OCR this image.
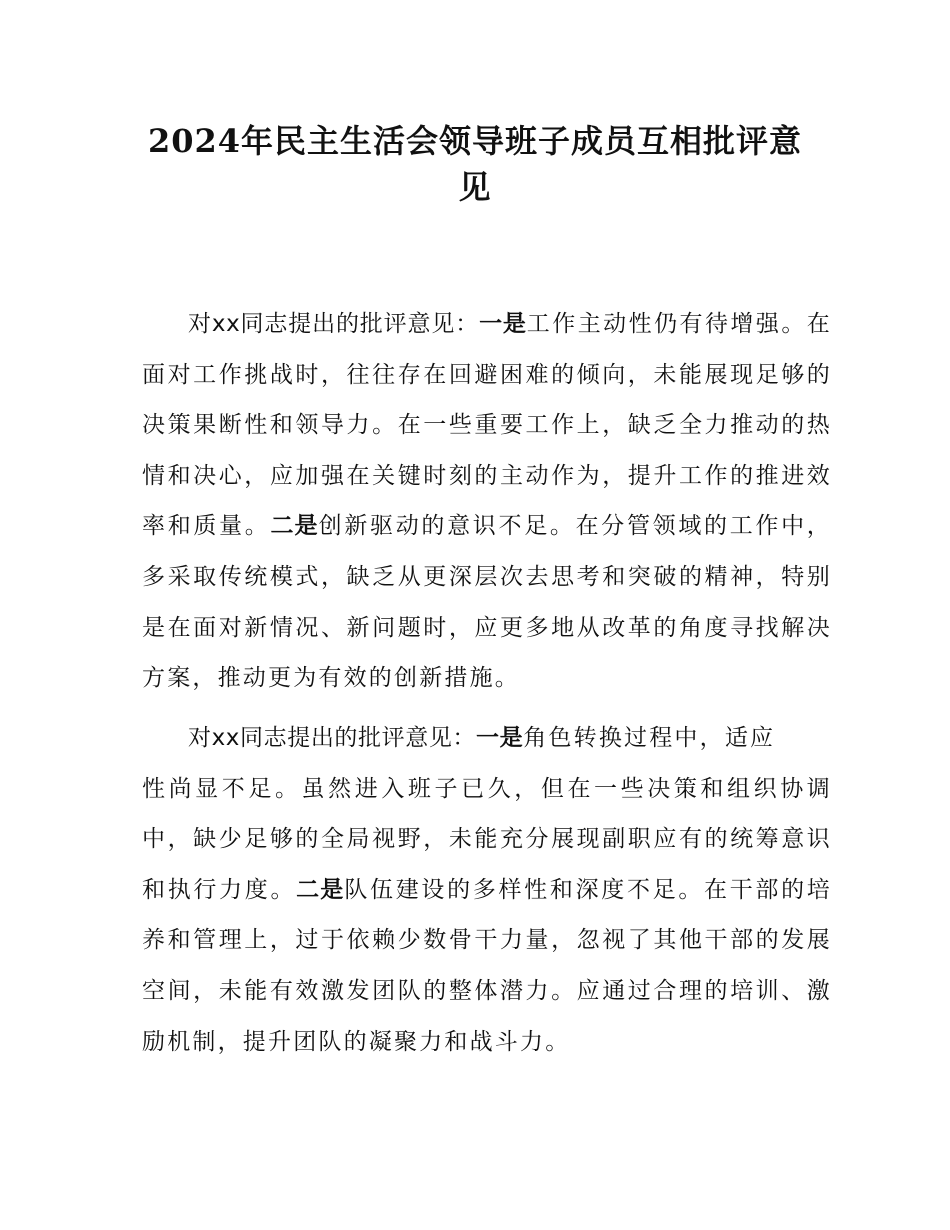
2024年民主生活会领导班子成员互相批评意
见

对xx同志提出的批评意见：一是工作主动性仍有待增强。在面对工作挑战时，往往存在回避困难的倾向，未能展现足够的决策果断性和领导力。在一些重要工作上，缺乏全力推动的热情和决心，应加强在关键时刻的主动作为，提升工作的推进效率和质量。二是创新驱动的意识不足。在分管领域的工作中，多采取传统模式，缺乏从更深层次去思考和突破的精神，特别是在面对新情况、新问题时，应更多地从改革的角度寻找解决方案，推动更为有效的创新措施。

对xx同志提出的批评意见：一是角色转换过程中，适应
性尚显不足。虽然进入班子已久，但在一些决策和组织协调中，缺少足够的全局视野，未能充分展现副职应有的统筹意识和执行力度。二是队伍建设的多样性和深度不足。在干部的培养和管理上，过于依赖少数骨干力量，忽视了其他干部的发展空间，未能有效激发团队的整体潜力。应通过合理的培训、激励机制，提升团队的凝聚力和战斗力。
